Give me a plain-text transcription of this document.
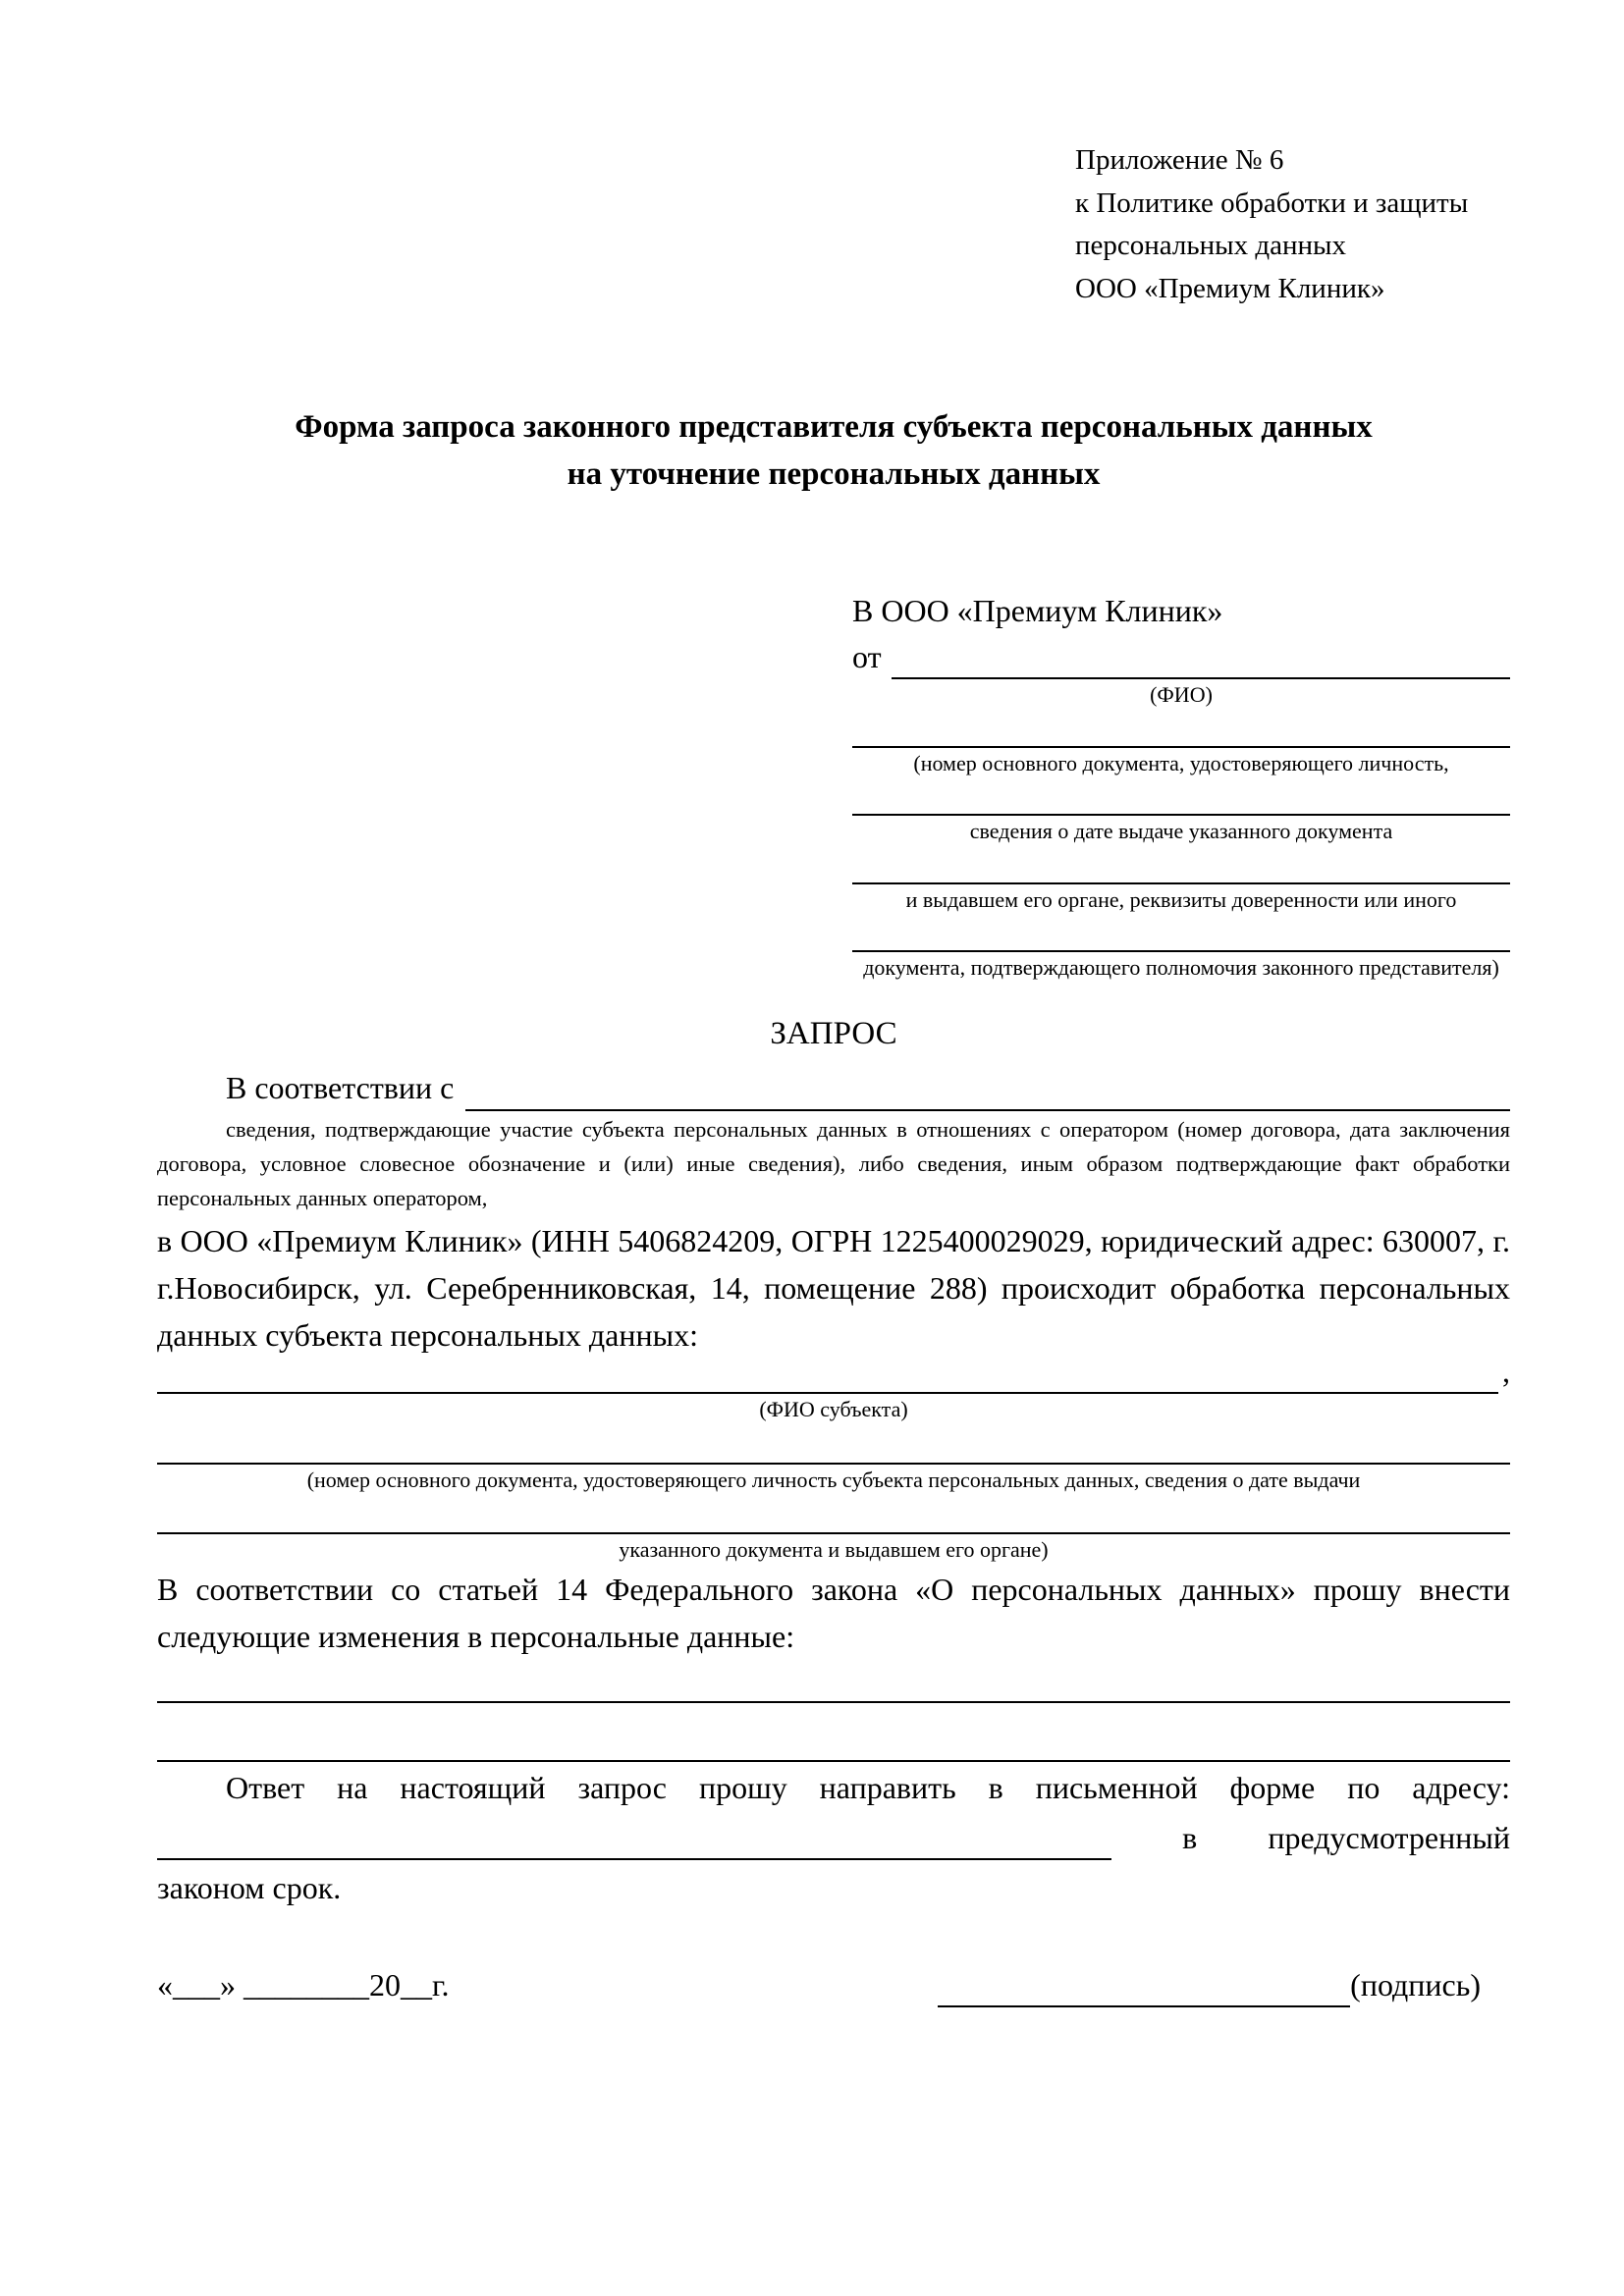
Приложение № 6
к Политике обработки и защиты
персональных данных
ООО «Премиум Клиник»
Форма запроса законного представителя субъекта персональных данных
на уточнение персональных данных
В ООО «Премиум Клиник»
от
(ФИО)
(номер основного документа, удостоверяющего личность,
сведения о дате выдаче указанного документа
и выдавшем его органе, реквизиты доверенности или иного
документа, подтверждающего полномочия законного представителя)
ЗАПРОС
В соответствии с

сведения, подтверждающие участие субъекта персональных данных в отношениях с оператором (номер договора, дата заключения договора, условное словесное обозначение и (или) иные сведения), либо сведения, иным образом подтверждающие факт обработки персональных данных оператором,

в ООО «Премиум Клиник» (ИНН 5406824209, ОГРН 1225400029029, юридический адрес: 630007, г. г.Новосибирск, ул. Серебренниковская, 14, помещение 288) происходит обработка персональных данных субъекта персональных данных:

,
(ФИО субъекта)
(номер основного документа, удостоверяющего личность субъекта персональных данных, сведения о дате выдачи
указанного документа и выдавшем его органе)

В соответствии со статьей 14 Федерального закона «О персональных данных» прошу внести следующие изменения в персональные данные:

Ответ на настоящий запрос прошу направить в письменной форме по адресу:

в предусмотренный

законом срок.

«___» ________20__г.	(подпись)
